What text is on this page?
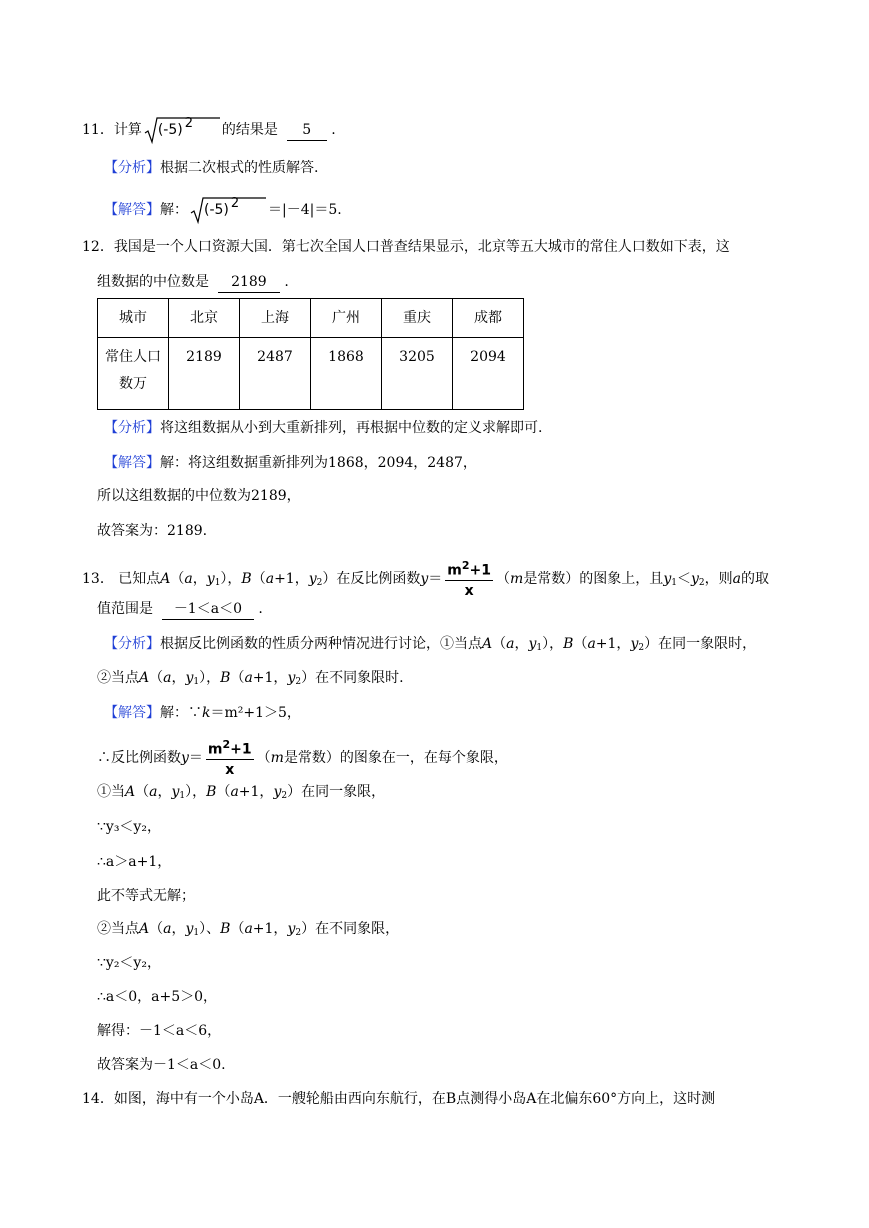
11．计算 (-5) 2 的结果是 5 .
【分析】根据二次根式的性质解答.
【解答】解： (-5) 2 ＝|－4|＝5.
12．我国是一个人口资源大国．第七次全国人口普查结果显示，北京等五大城市的常住人口数如下表，这
组数据的中位数是 2189 .
城市	北京	上海	广州	重庆	成都
常住人口
数万	2189	2487	1868	3205	2094
【分析】将这组数据从小到大重新排列，再根据中位数的定义求解即可.
【解答】解：将这组数据重新排列为1868，2094，2487，
所以这组数据的中位数为2189，
故答案为：2189.
13． 已知点A（a，$y_1$），B（a+1，$y_2$）在反比例函数$y= \frac{m^2+1}{x} (m$是常数）的图象上，且$y_1<y_2$，则a的取
值范围是 －1＜a＜0 .
【分析】根据反比例函数的性质分两种情况进行讨论，①当点A（a，$y_1$），B（a+1，$y_2$）在同一象限时，
②当点A（a，$y_1$），B（a+1，$y_2$）在不同象限时.
【解答】解：∵k＝m²+1＞5，
∴反比例函数$y= \frac{m^2+1}{x} (m$是常数）的图象在一，在每个象限，
①当A（a，$y_1$），B（a+1，$y_2$）在同一象限，
∵y₃＜y₂，
∴a＞a+1，
此不等式无解；
②当点A（a，$y_1$）、B（a+1，$y_2$）在不同象限，
∵y₂＜y₂，
∴a＜0，a+5＞0，
解得：－1＜a＜6，
故答案为－1＜a＜0.
14．如图，海中有一个小岛A．一艘轮船由西向东航行，在B点测得小岛A在北偏东60°方向上，这时测
